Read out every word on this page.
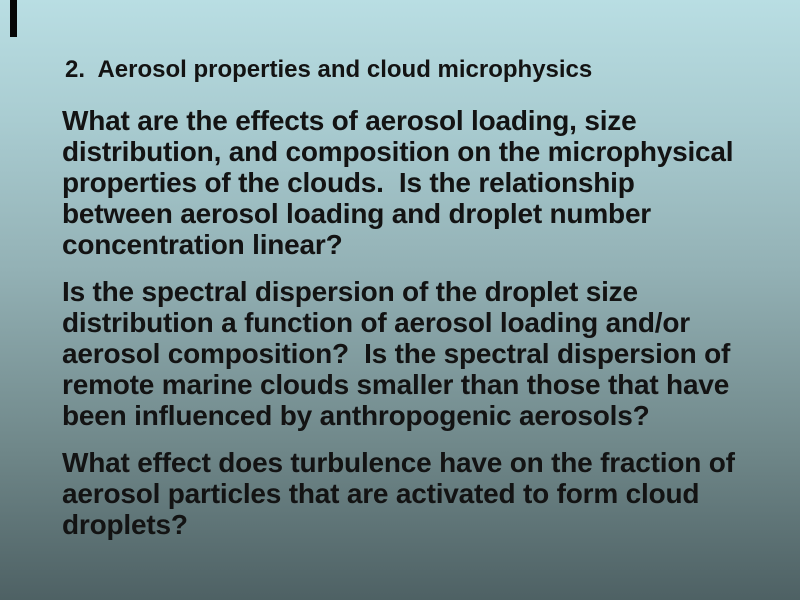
2.  Aerosol properties and cloud microphysics

What are the effects of aerosol loading, size
distribution, and composition on the microphysical
properties of the clouds.  Is the relationship
between aerosol loading and droplet number
concentration linear?

Is the spectral dispersion of the droplet size
distribution a function of aerosol loading and/or
aerosol composition?  Is the spectral dispersion of
remote marine clouds smaller than those that have
been influenced by anthropogenic aerosols?

What effect does turbulence have on the fraction of
aerosol particles that are activated to form cloud
droplets?
